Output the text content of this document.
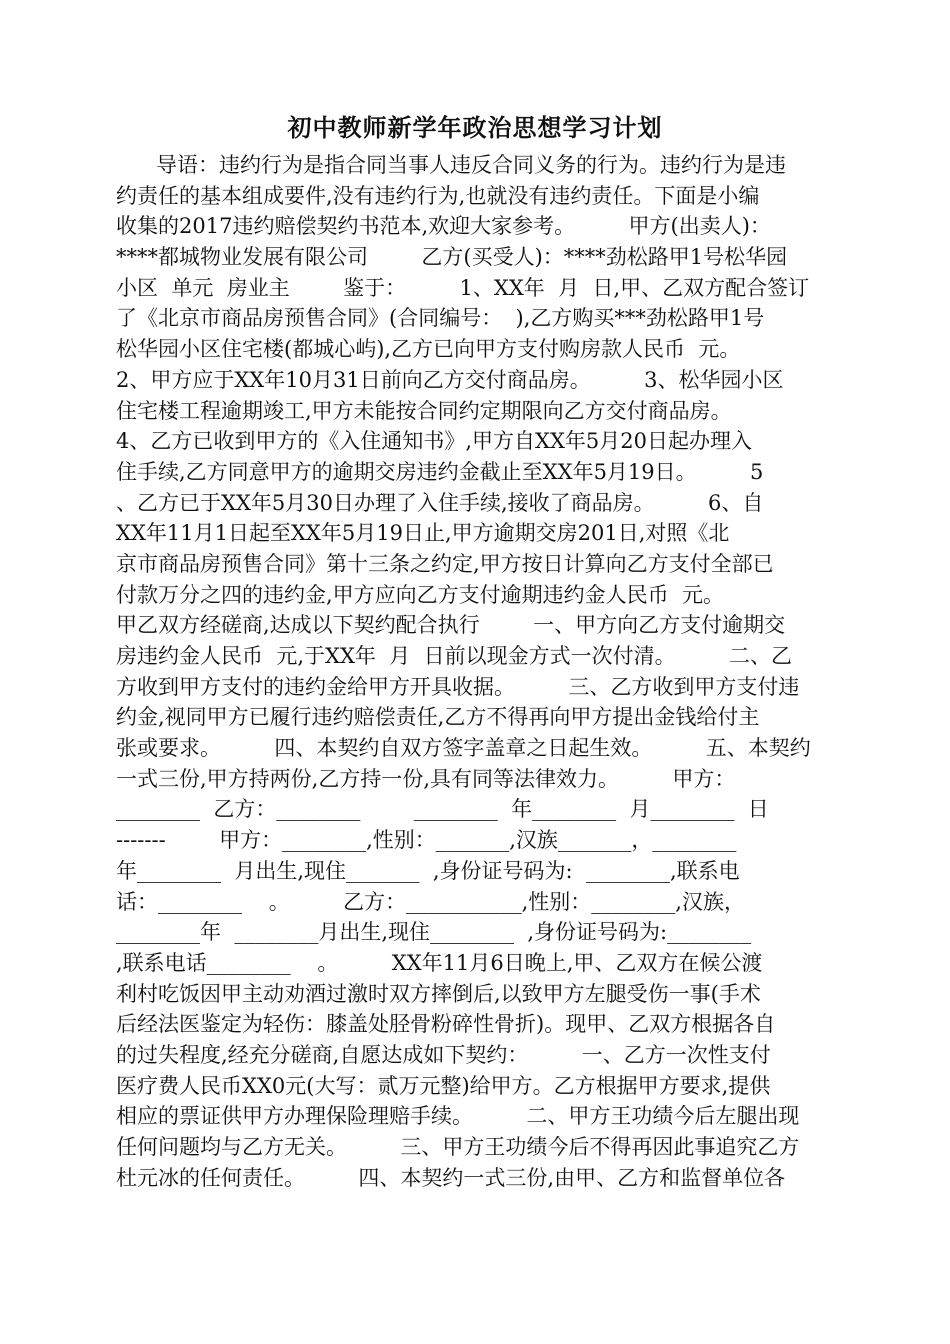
初中教师新学年政治思想学习计划
导语：违约行为是指合同当事人违反合同义务的行为。违约行为是违
约责任的基本组成要件,没有违约行为,也就没有违约责任。下面是小编
收集的2017违约赔偿契约书范本,欢迎大家参考。        甲方(出卖人)：
****都城物业发展有限公司        乙方(买受人)：****劲松路甲1号松华园
小区  单元  房业主        鉴于：        1、XX年  月  日,甲、乙双方配合签订
了《北京市商品房预售合同》(合同编号：  ),乙方购买***劲松路甲1号
松华园小区住宅楼(都城心屿),乙方已向甲方支付购房款人民币  元。
2、甲方应于XX年10月31日前向乙方交付商品房。        3、松华园小区
住宅楼工程逾期竣工,甲方未能按合同约定期限向乙方交付商品房。
4、乙方已收到甲方的《入住通知书》,甲方自XX年5月20日起办理入
住手续,乙方同意甲方的逾期交房违约金截止至XX年5月19日。        5
、乙方已于XX年5月30日办理了入住手续,接收了商品房。        6、自
XX年11月1日起至XX年5月19日止,甲方逾期交房201日,对照《北
京市商品房预售合同》第十三条之约定,甲方按日计算向乙方支付全部已
付款万分之四的违约金,甲方应向乙方支付逾期违约金人民币  元。
甲乙双方经磋商,达成以下契约配合执行        一、甲方向乙方支付逾期交
房违约金人民币  元,于XX年  月  日前以现金方式一次付清。        二、乙
方收到甲方支付的违约金给甲方开具收据。        三、乙方收到甲方支付违
约金,视同甲方已履行违约赔偿责任,乙方不得再向甲方提出金钱给付主
张或要求。        四、本契约自双方签字盖章之日起生效。        五、本契约
一式三份,甲方持两份,乙方持一份,具有同等法律效力。        甲方：
________  乙方：________        ________  年________  月________  日
-------        甲方：________,性别：_______,汉族_______，________
年________  月出生,现住_______  ,身份证号码为:  ________,联系电
话：________    。        乙方：___________,性别：________,汉族，
________年  ________月出生,现住________  ,身份证号码为:________
,联系电话________    。        XX年11月6日晚上,甲、乙双方在候公渡
利村吃饭因甲主动劝酒过激时双方摔倒后,以致甲方左腿受伤一事(手术
后经法医鉴定为轻伤：膝盖处胫骨粉碎性骨折)。现甲、乙双方根据各自
的过失程度,经充分磋商,自愿达成如下契约：        一、乙方一次性支付
医疗费人民币XX0元(大写：贰万元整)给甲方。乙方根据甲方要求,提供
相应的票证供甲方办理保险理赔手续。        二、甲方王功绩今后左腿出现
任何问题均与乙方无关。        三、甲方王功绩今后不得再因此事追究乙方
杜元冰的任何责任。        四、本契约一式三份,由甲、乙方和监督单位各
